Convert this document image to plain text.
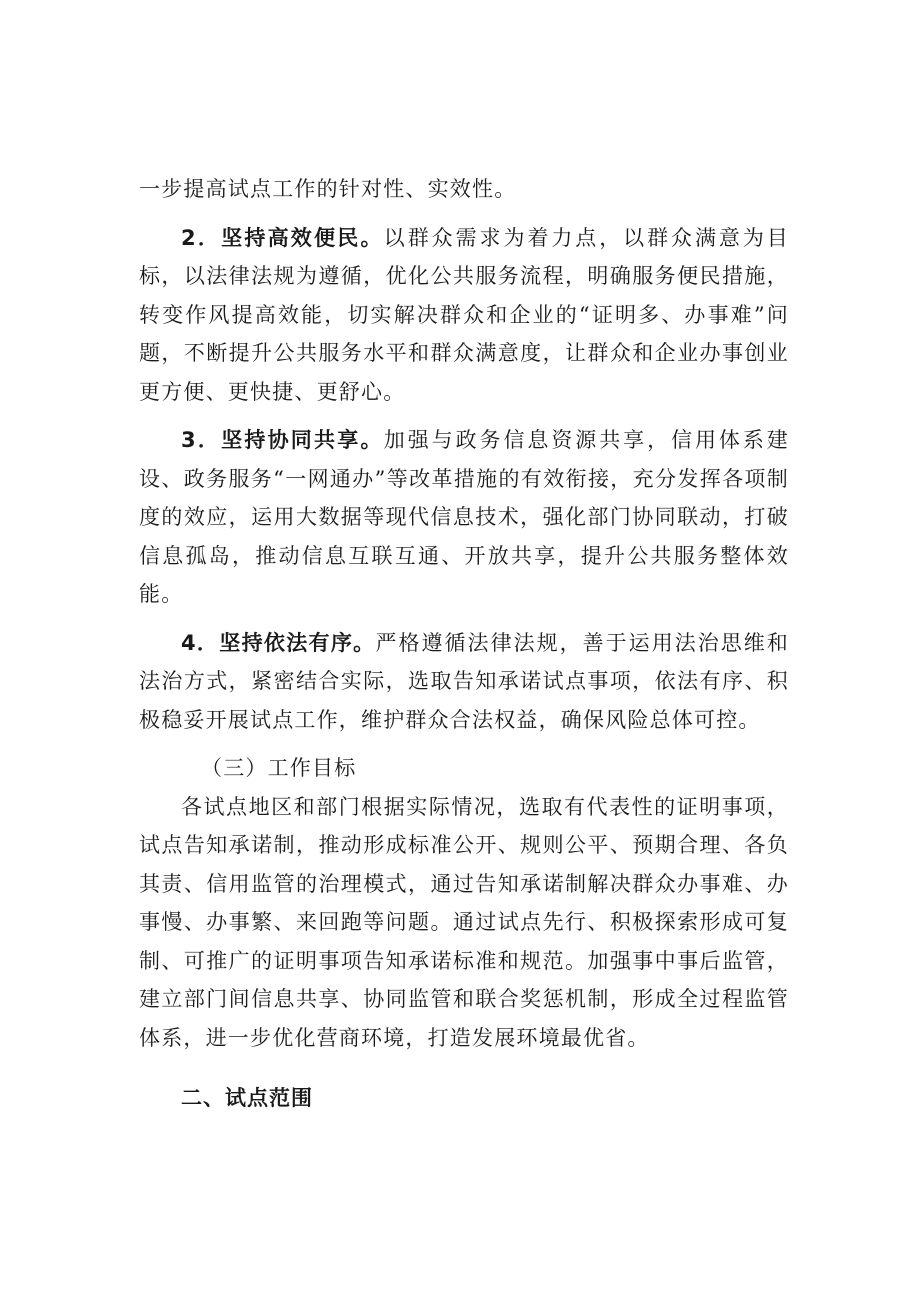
一步提高试点工作的针对性、实效性。

2．坚持高效便民。以群众需求为着力点，以群众满意为目标，以法律法规为遵循，优化公共服务流程，明确服务便民措施，转变作风提高效能，切实解决群众和企业的“证明多、办事难”问题，不断提升公共服务水平和群众满意度，让群众和企业办事创业更方便、更快捷、更舒心。

3．坚持协同共享。加强与政务信息资源共享，信用体系建设、政务服务“一网通办”等改革措施的有效衔接，充分发挥各项制度的效应，运用大数据等现代信息技术，强化部门协同联动，打破信息孤岛，推动信息互联互通、开放共享，提升公共服务整体效能。

4．坚持依法有序。严格遵循法律法规，善于运用法治思维和法治方式，紧密结合实际，选取告知承诺试点事项，依法有序、积极稳妥开展试点工作，维护群众合法权益，确保风险总体可控。

（三）工作目标

各试点地区和部门根据实际情况，选取有代表性的证明事项，试点告知承诺制，推动形成标准公开、规则公平、预期合理、各负其责、信用监管的治理模式，通过告知承诺制解决群众办事难、办事慢、办事繁、来回跑等问题。通过试点先行、积极探索形成可复制、可推广的证明事项告知承诺标准和规范。加强事中事后监管，建立部门间信息共享、协同监管和联合奖惩机制，形成全过程监管体系，进一步优化营商环境，打造发展环境最优省。

二、试点范围
